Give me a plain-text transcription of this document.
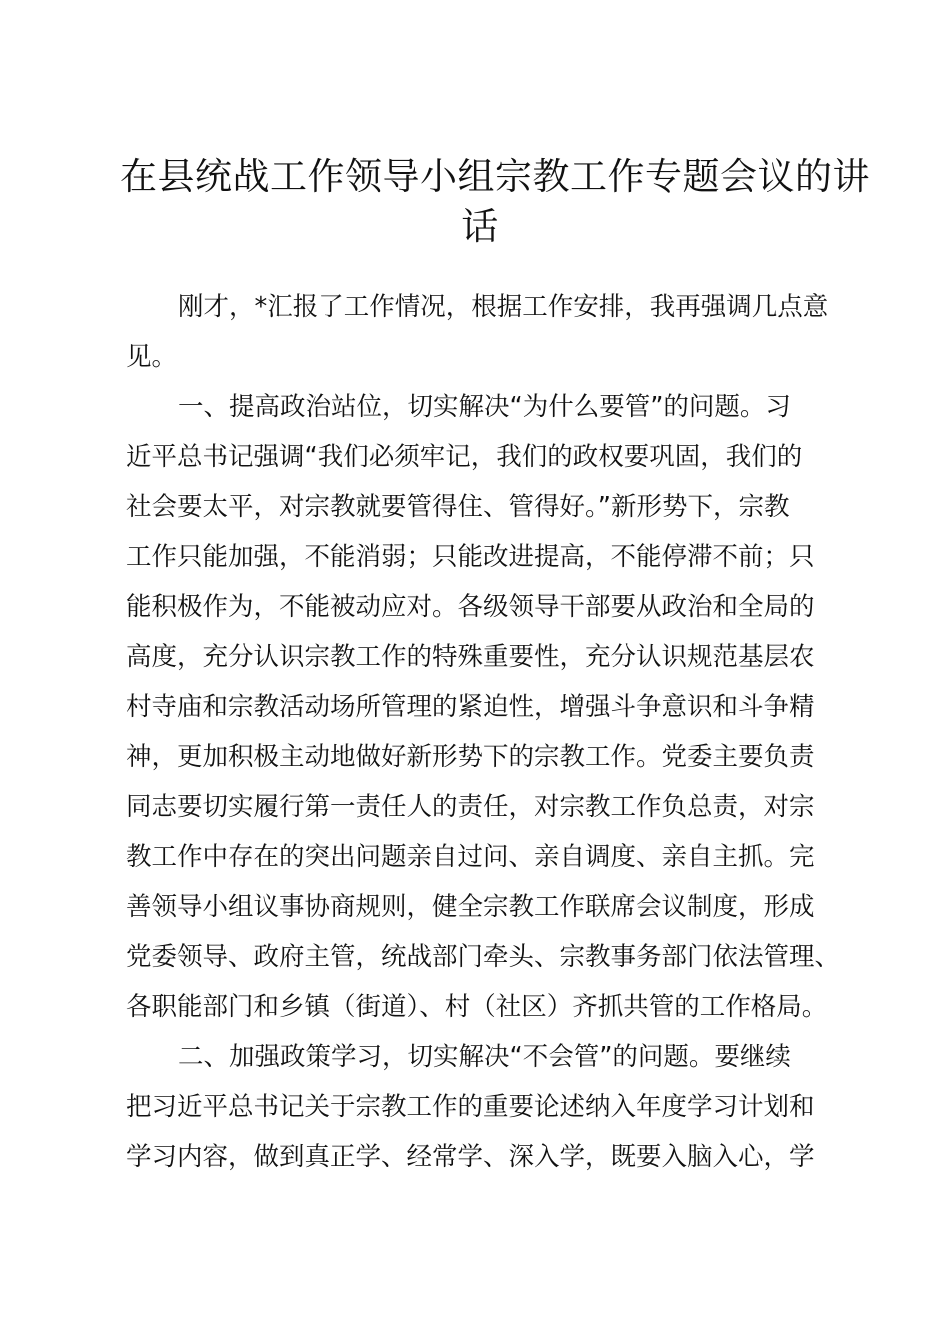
在县统战工作领导小组宗教工作专题会议的讲
话
刚才，*汇报了工作情况，根据工作安排，我再强调几点意
见。
一、提高政治站位，切实解决“为什么要管”的问题。习
近平总书记强调“我们必须牢记，我们的政权要巩固，我们的
社会要太平，对宗教就要管得住、管得好。”新形势下，宗教
工作只能加强，不能消弱；只能改进提高，不能停滞不前；只
能积极作为，不能被动应对。各级领导干部要从政治和全局的
高度，充分认识宗教工作的特殊重要性，充分认识规范基层农
村寺庙和宗教活动场所管理的紧迫性，增强斗争意识和斗争精
神，更加积极主动地做好新形势下的宗教工作。党委主要负责
同志要切实履行第一责任人的责任，对宗教工作负总责，对宗
教工作中存在的突出问题亲自过问、亲自调度、亲自主抓。完
善领导小组议事协商规则，健全宗教工作联席会议制度，形成
党委领导、政府主管，统战部门牵头、宗教事务部门依法管理、
各职能部门和乡镇（街道）、村（社区）齐抓共管的工作格局。
二、加强政策学习，切实解决“不会管”的问题。要继续
把习近平总书记关于宗教工作的重要论述纳入年度学习计划和
学习内容，做到真正学、经常学、深入学，既要入脑入心，学
